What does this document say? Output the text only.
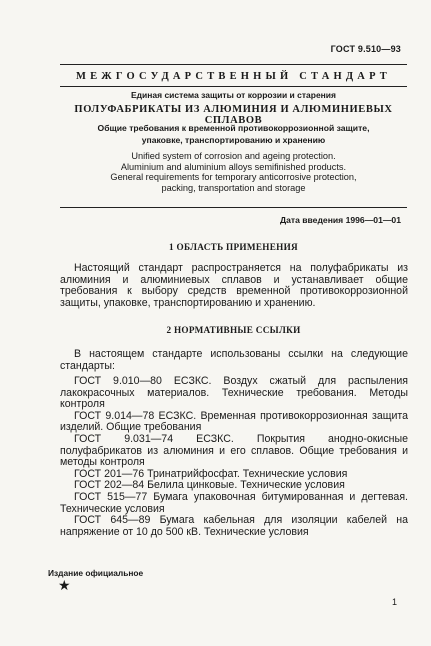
ГОСТ 9.510—93
МЕЖГОСУДАРСТВЕННЫЙ СТАНДАРТ
Единая система защиты от коррозии и старения
ПОЛУФАБРИКАТЫ ИЗ АЛЮМИНИЯ И АЛЮМИНИЕВЫХ СПЛАВОВ
Общие требования к временной противокоррозионной защите,
упаковке, транспортированию и хранению
Unified system of corrosion and ageing protection.
Aluminium and aluminium alloys semifinished products.
General requirements for temporary anticorrosive protection,
packing, transportation and storage
Дата введения 1996—01—01
1 ОБЛАСТЬ ПРИМЕНЕНИЯ
Настоящий стандарт распространяется на полуфабрикаты из алюминия и алюминиевых сплавов и устанавливает общие требования к выбору средств временной противокоррозионной защиты, упаковке, транспортированию и хранению.
2 НОРМАТИВНЫЕ ССЫЛКИ
В настоящем стандарте использованы ссылки на следующие стандарты:

ГОСТ 9.010—80 ЕСЗКС. Воздух сжатый для распыления лакокрасочных материалов. Технические требования. Методы контроля

ГОСТ 9.014—78 ЕСЗКС. Временная противокоррозионная защита изделий. Общие требования

ГОСТ 9.031—74 ЕСЗКС. Покрытия анодно-окисные полуфабрикатов из алюминия и его сплавов. Общие требования и методы контроля

ГОСТ 201—76 Тринатрийфосфат. Технические условия

ГОСТ 202—84 Белила цинковые. Технические условия

ГОСТ 515—77 Бумага упаковочная битумированная и дегтевая. Технические условия

ГОСТ 645—89 Бумага кабельная для изоляции кабелей на напряжение от 10 до 500 кВ. Технические условия

Издание официальное
★
1
